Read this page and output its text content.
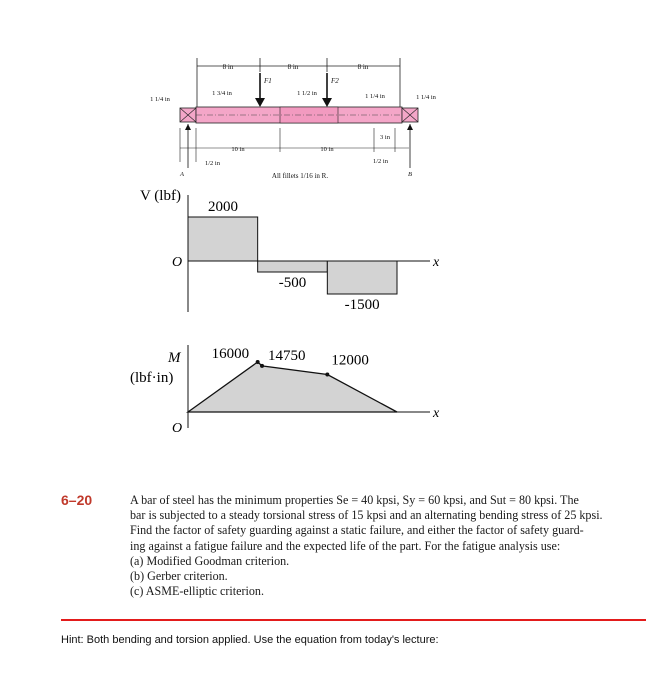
8 in	8 in	8 in
F1	F2
1 1/4 in
1 3/4 in	1 1/2 in	1 1/4 in	1 1/4 in
1/2 in
10 in	10 in
3 in
1/2 in
All fillets 1/16 in R.
A	B
V (lbf)
O	x
2000
-500
-1500
M
(lbf·in)
O
x
16000 14750 12000
6–20	A bar of steel has the minimum properties Se = 40 kpsi, Sy = 60 kpsi, and Sut = 80 kpsi. The
bar is subjected to a steady torsional stress of 15 kpsi and an alternating bending stress of 25 kpsi.
Find the factor of safety guarding against a static failure, and either the factor of safety guard-
ing against a fatigue failure and the expected life of the part. For the fatigue analysis use:
(a) Modified Goodman criterion.
(b) Gerber criterion.
(c) ASME-elliptic criterion.
Hint: Both bending and torsion applied. Use the equation from today's lecture:
